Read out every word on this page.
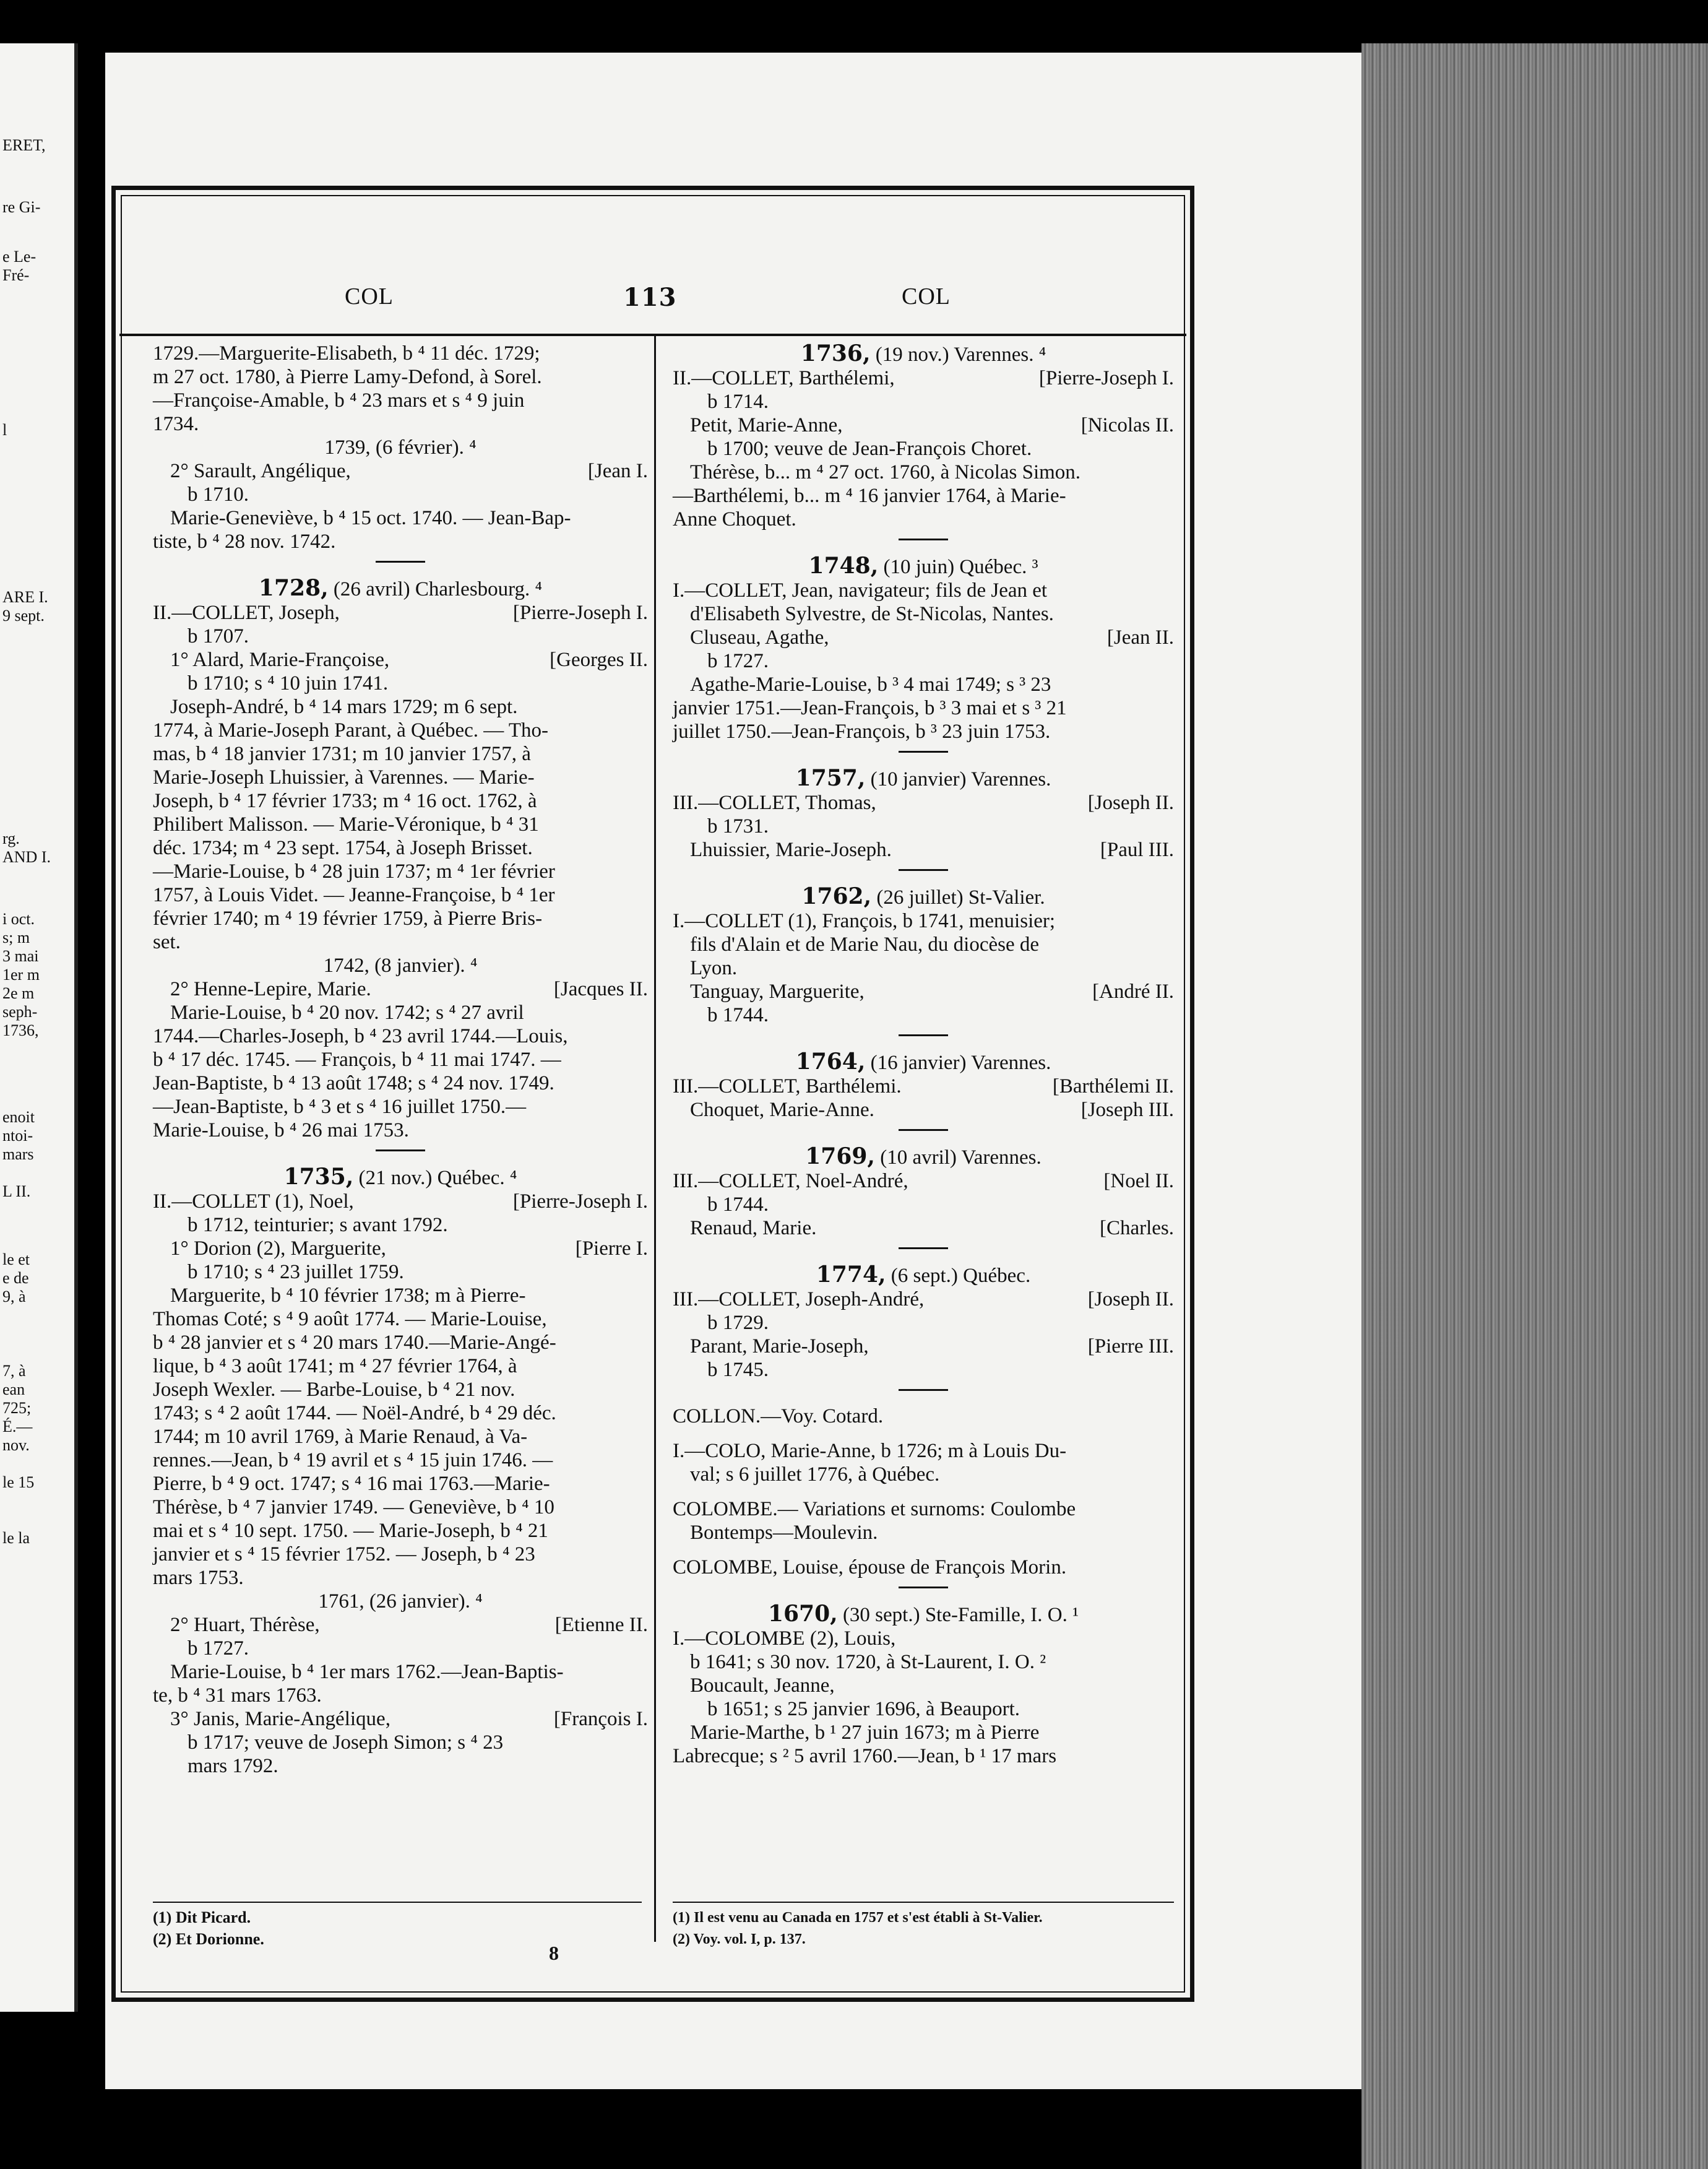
ERET,
re Gi-
e Le-
Fré-
l
ARE I.
9 sept.
rg.
AND I.
i oct.
s; m
3 mai
1er m
2e m
seph-
1736,
enoit
ntoi-
mars
L II.
le et
e de
9, à
7, à
ean
725;
É.—
nov.
le 15
le la
COL	113	COL
1729.—Marguerite-Elisabeth, b ⁴ 11 déc. 1729;
m 27 oct. 1780, à Pierre Lamy-Defond, à Sorel.
—Françoise-Amable, b ⁴ 23 mars et s ⁴ 9 juin
1734.
1739, (6 février). ⁴
2° Sarault, Angélique,	[Jean I.
b 1710.
Marie-Geneviève, b ⁴ 15 oct. 1740. — Jean-Bap-
tiste, b ⁴ 28 nov. 1742.
1728, (26 avril) Charlesbourg. ⁴
II.—COLLET, Joseph,	[Pierre-Joseph I.
b 1707.
1° Alard, Marie-Françoise,	[Georges II.
b 1710; s ⁴ 10 juin 1741.
Joseph-André, b ⁴ 14 mars 1729; m 6 sept.
1774, à Marie-Joseph Parant, à Québec. — Tho-
mas, b ⁴ 18 janvier 1731; m 10 janvier 1757, à
Marie-Joseph Lhuissier, à Varennes. — Marie-
Joseph, b ⁴ 17 février 1733; m ⁴ 16 oct. 1762, à
Philibert Malisson. — Marie-Véronique, b ⁴ 31
déc. 1734; m ⁴ 23 sept. 1754, à Joseph Brisset.
—Marie-Louise, b ⁴ 28 juin 1737; m ⁴ 1er février
1757, à Louis Videt. — Jeanne-Françoise, b ⁴ 1er
février 1740; m ⁴ 19 février 1759, à Pierre Bris-
set.
1742, (8 janvier). ⁴
2° Henne-Lepire, Marie.	[Jacques II.
Marie-Louise, b ⁴ 20 nov. 1742; s ⁴ 27 avril
1744.—Charles-Joseph, b ⁴ 23 avril 1744.—Louis,
b ⁴ 17 déc. 1745. — François, b ⁴ 11 mai 1747. —
Jean-Baptiste, b ⁴ 13 août 1748; s ⁴ 24 nov. 1749.
—Jean-Baptiste, b ⁴ 3 et s ⁴ 16 juillet 1750.—
Marie-Louise, b ⁴ 26 mai 1753.
1735, (21 nov.) Québec. ⁴
II.—COLLET (1), Noel,	[Pierre-Joseph I.
b 1712, teinturier; s avant 1792.
1° Dorion (2), Marguerite,	[Pierre I.
b 1710; s ⁴ 23 juillet 1759.
Marguerite, b ⁴ 10 février 1738; m à Pierre-
Thomas Coté; s ⁴ 9 août 1774. — Marie-Louise,
b ⁴ 28 janvier et s ⁴ 20 mars 1740.—Marie-Angé-
lique, b ⁴ 3 août 1741; m ⁴ 27 février 1764, à
Joseph Wexler. — Barbe-Louise, b ⁴ 21 nov.
1743; s ⁴ 2 août 1744. — Noël-André, b ⁴ 29 déc.
1744; m 10 avril 1769, à Marie Renaud, à Va-
rennes.—Jean, b ⁴ 19 avril et s ⁴ 15 juin 1746. —
Pierre, b ⁴ 9 oct. 1747; s ⁴ 16 mai 1763.—Marie-
Thérèse, b ⁴ 7 janvier 1749. — Geneviève, b ⁴ 10
mai et s ⁴ 10 sept. 1750. — Marie-Joseph, b ⁴ 21
janvier et s ⁴ 15 février 1752. — Joseph, b ⁴ 23
mars 1753.
1761, (26 janvier). ⁴
2° Huart, Thérèse,	[Etienne II.
b 1727.
Marie-Louise, b ⁴ 1er mars 1762.—Jean-Baptis-
te, b ⁴ 31 mars 1763.
3° Janis, Marie-Angélique,	[François I.
b 1717; veuve de Joseph Simon; s ⁴ 23
mars 1792.
1736, (19 nov.) Varennes. ⁴
II.—COLLET, Barthélemi,	[Pierre-Joseph I.
b 1714.
Petit, Marie-Anne,	[Nicolas II.
b 1700; veuve de Jean-François Choret.
Thérèse, b... m ⁴ 27 oct. 1760, à Nicolas Simon.
—Barthélemi, b... m ⁴ 16 janvier 1764, à Marie-
Anne Choquet.
1748, (10 juin) Québec. ³
I.—COLLET, Jean, navigateur; fils de Jean et
d'Elisabeth Sylvestre, de St-Nicolas, Nantes.
Cluseau, Agathe,	[Jean II.
b 1727.
Agathe-Marie-Louise, b ³ 4 mai 1749; s ³ 23
janvier 1751.—Jean-François, b ³ 3 mai et s ³ 21
juillet 1750.—Jean-François, b ³ 23 juin 1753.
1757, (10 janvier) Varennes.
III.—COLLET, Thomas,	[Joseph II.
b 1731.
Lhuissier, Marie-Joseph.	[Paul III.
1762, (26 juillet) St-Valier.
I.—COLLET (1), François, b 1741, menuisier;
fils d'Alain et de Marie Nau, du diocèse de
Lyon.
Tanguay, Marguerite,	[André II.
b 1744.
1764, (16 janvier) Varennes.
III.—COLLET, Barthélemi.	[Barthélemi II.
Choquet, Marie-Anne.	[Joseph III.
1769, (10 avril) Varennes.
III.—COLLET, Noel-André,	[Noel II.
b 1744.
Renaud, Marie.	[Charles.
1774, (6 sept.) Québec.
III.—COLLET, Joseph-André,	[Joseph II.
b 1729.
Parant, Marie-Joseph,	[Pierre III.
b 1745.
COLLON.—Voy. Cotard.
I.—COLO, Marie-Anne, b 1726; m à Louis Du-
val; s 6 juillet 1776, à Québec.
COLOMBE.— Variations et surnoms: Coulombe
Bontemps—Moulevin.
COLOMBE, Louise, épouse de François Morin.
1670, (30 sept.) Ste-Famille, I. O. ¹
I.—COLOMBE (2), Louis,
b 1641; s 30 nov. 1720, à St-Laurent, I. O. ²
Boucault, Jeanne,
b 1651; s 25 janvier 1696, à Beauport.
Marie-Marthe, b ¹ 27 juin 1673; m à Pierre
Labrecque; s ² 5 avril 1760.—Jean, b ¹ 17 mars
(1) Dit Picard.
(2) Et Dorionne.
(1) Il est venu au Canada en 1757 et s'est établi à St-Valier.
(2) Voy. vol. I, p. 137.
8
